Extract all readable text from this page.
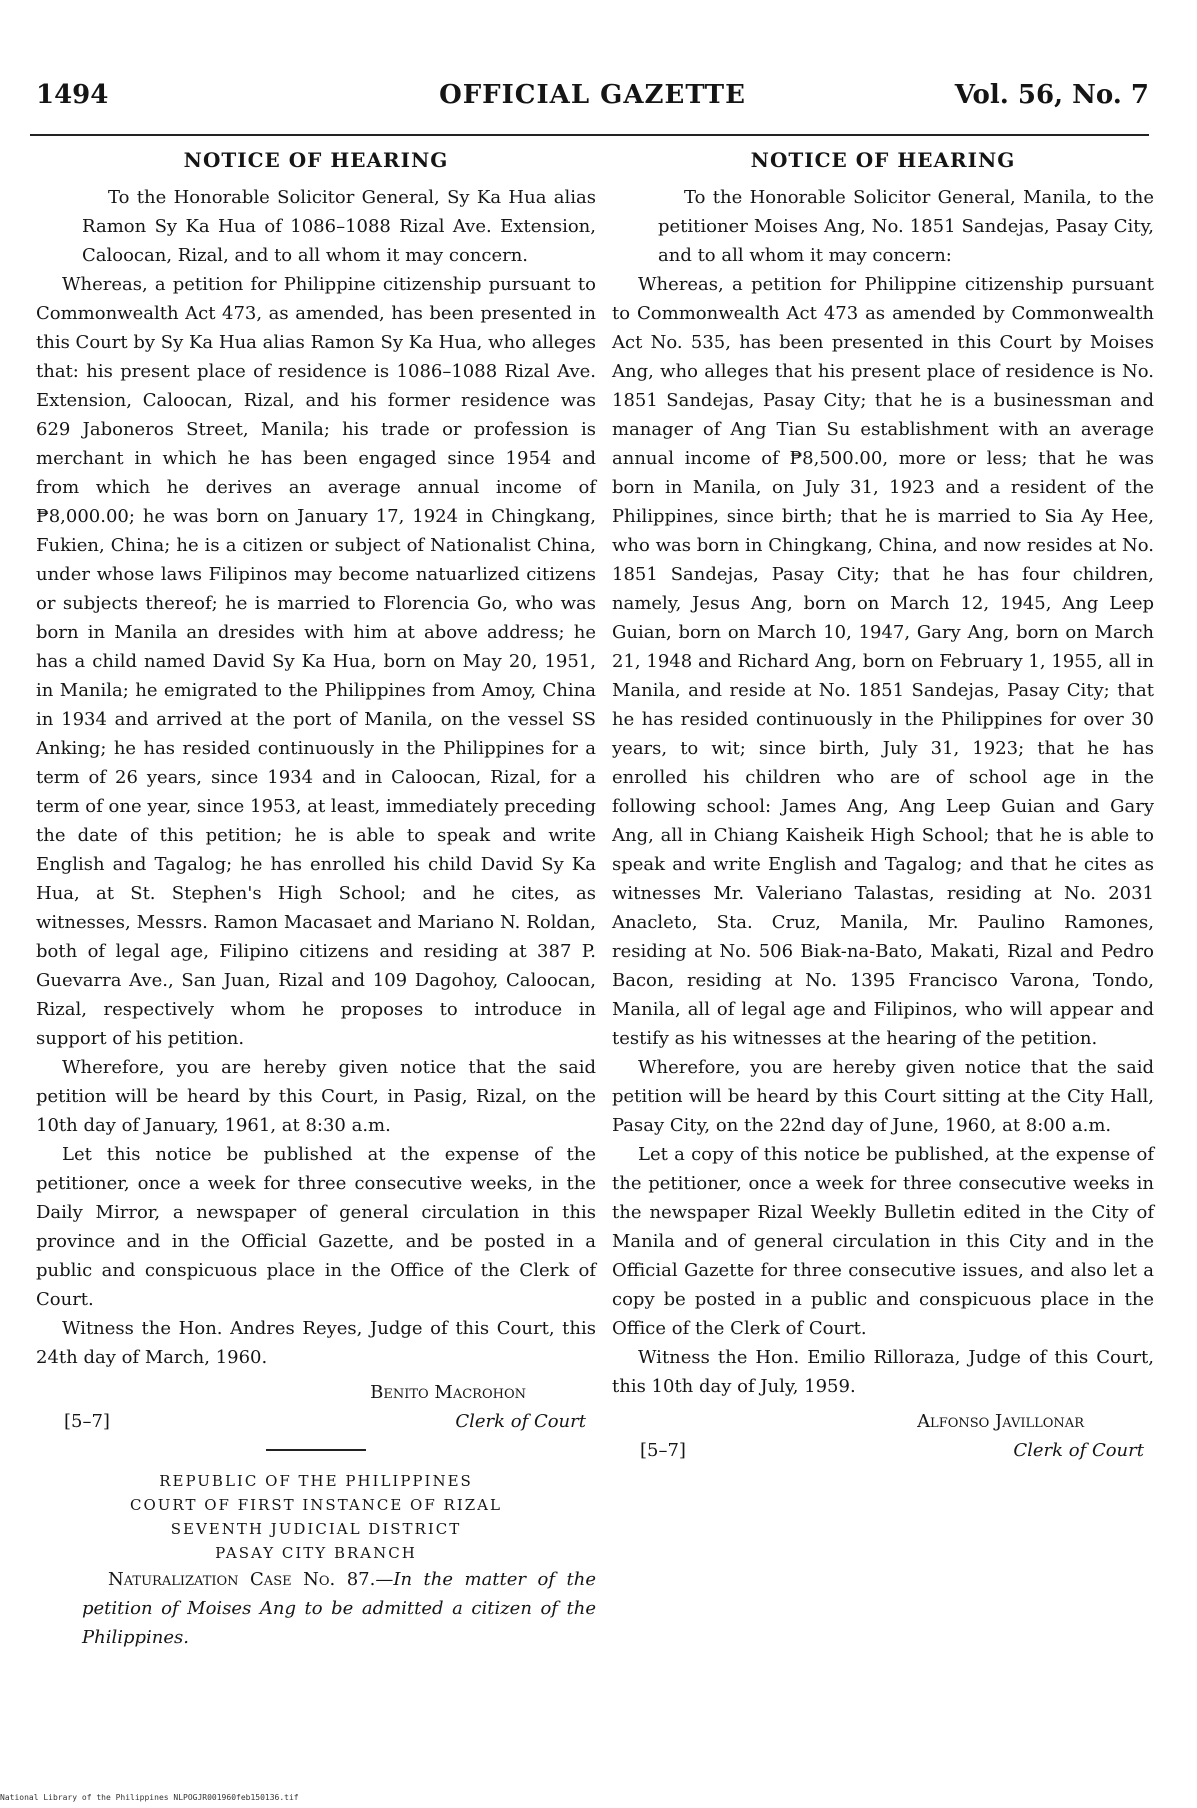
1494	OFFICIAL GAZETTE	Vol. 56, No. 7
NOTICE OF HEARING

To the Honorable Solicitor General, Sy Ka Hua alias Ramon Sy Ka Hua of 1086–1088 Rizal Ave. Extension, Caloocan, Rizal, and to all whom it may concern.

Whereas, a petition for Philippine citizenship pursuant to Commonwealth Act 473, as amended, has been presented in this Court by Sy Ka Hua alias Ramon Sy Ka Hua, who alleges that: his present place of residence is 1086–1088 Rizal Ave. Extension, Caloocan, Rizal, and his former residence was 629 Jaboneros Street, Manila; his trade or profession is merchant in which he has been engaged since 1954 and from which he derives an average annual income of ₱8,000.00; he was born on January 17, 1924 in Chingkang, Fukien, China; he is a citizen or subject of Nationalist China, under whose laws Filipinos may become natuarlized citizens or subjects thereof; he is married to Florencia Go, who was born in Manila an dresides with him at above address; he has a child named David Sy Ka Hua, born on May 20, 1951, in Manila; he emigrated to the Philippines from Amoy, China in 1934 and arrived at the port of Manila, on the vessel SS Anking; he has resided continuously in the Philippines for a term of 26 years, since 1934 and in Caloocan, Rizal, for a term of one year, since 1953, at least, immediately preceding the date of this petition; he is able to speak and write English and Tagalog; he has enrolled his child David Sy Ka Hua, at St. Stephen's High School; and he cites, as witnesses, Messrs. Ramon Macasaet and Mariano N. Roldan, both of legal age, Filipino citizens and residing at 387 P. Guevarra Ave., San Juan, Rizal and 109 Dagohoy, Caloocan, Rizal, respectively whom he proposes to introduce in support of his petition.

Wherefore, you are hereby given notice that the said petition will be heard by this Court, in Pasig, Rizal, on the 10th day of January, 1961, at 8:30 a.m.

Let this notice be published at the expense of the petitioner, once a week for three consecutive weeks, in the Daily Mirror, a newspaper of general circulation in this province and in the Official Gazette, and be posted in a public and conspicuous place in the Office of the Clerk of Court.

Witness the Hon. Andres Reyes, Judge of this Court, this 24th day of March, 1960.

Benito Macrohon
[5–7]	Clerk of Court
REPUBLIC OF THE PHILIPPINES
COURT OF FIRST INSTANCE OF RIZAL
SEVENTH JUDICIAL DISTRICT
PASAY CITY BRANCH

Naturalization Case No. 87.—In the matter of the petition of Moises Ang to be admitted a citizen of the Philippines.

NOTICE OF HEARING

To the Honorable Solicitor General, Manila, to the petitioner Moises Ang, No. 1851 Sandejas, Pasay City, and to all whom it may concern:

Whereas, a petition for Philippine citizenship pursuant to Commonwealth Act 473 as amended by Commonwealth Act No. 535, has been presented in this Court by Moises Ang, who alleges that his present place of residence is No. 1851 Sandejas, Pasay City; that he is a businessman and manager of Ang Tian Su establishment with an average annual income of ₱8,500.00, more or less; that he was born in Manila, on July 31, 1923 and a resident of the Philippines, since birth; that he is married to Sia Ay Hee, who was born in Chingkang, China, and now resides at No. 1851 Sandejas, Pasay City; that he has four children, namely, Jesus Ang, born on March 12, 1945, Ang Leep Guian, born on March 10, 1947, Gary Ang, born on March 21, 1948 and Richard Ang, born on February 1, 1955, all in Manila, and reside at No. 1851 Sandejas, Pasay City; that he has resided continuously in the Philippines for over 30 years, to wit; since birth, July 31, 1923; that he has enrolled his children who are of school age in the following school: James Ang, Ang Leep Guian and Gary Ang, all in Chiang Kaisheik High School; that he is able to speak and write English and Tagalog; and that he cites as witnesses Mr. Valeriano Talastas, residing at No. 2031 Anacleto, Sta. Cruz, Manila, Mr. Paulino Ramones, residing at No. 506 Biak-na-Bato, Makati, Rizal and Pedro Bacon, residing at No. 1395 Francisco Varona, Tondo, Manila, all of legal age and Filipinos, who will appear and testify as his witnesses at the hearing of the petition.

Wherefore, you are hereby given notice that the said petition will be heard by this Court sitting at the City Hall, Pasay City, on the 22nd day of June, 1960, at 8:00 a.m.

Let a copy of this notice be published, at the expense of the petitioner, once a week for three consecutive weeks in the newspaper Rizal Weekly Bulletin edited in the City of Manila and of general circulation in this City and in the Official Gazette for three consecutive issues, and also let a copy be posted in a public and conspicuous place in the Office of the Clerk of Court.

Witness the Hon. Emilio Rilloraza, Judge of this Court, this 10th day of July, 1959.

Alfonso Javillonar
[5–7]	Clerk of Court
National Library of the Philippines NLPOGJR001960feb150136.tif
